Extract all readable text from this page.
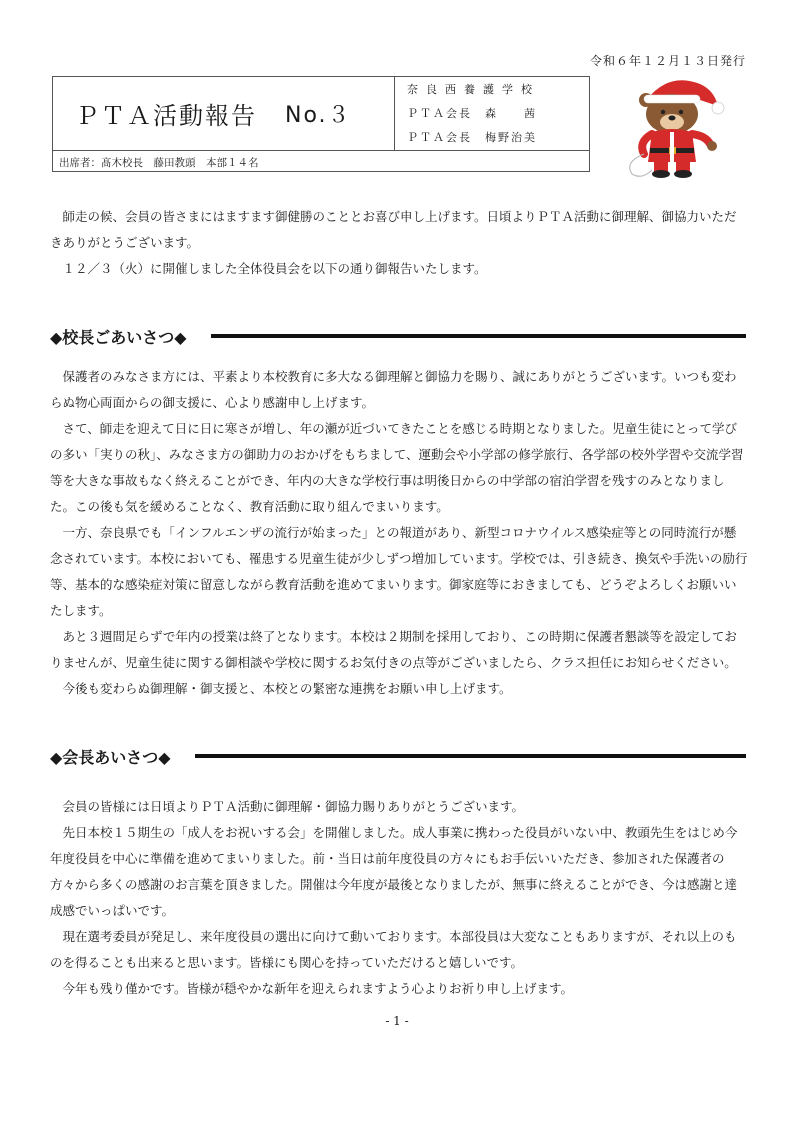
令和６年１２月１３日発行
ＰＴＡ活動報告 No.３
奈良西養護学校
ＰＴＡ会長　森　　茜
ＰＴＡ会長　梅野治美
出席者：髙木校長　藤田教頭　本部１４名

師走の候、会員の皆さまにはますます御健勝のこととお喜び申し上げます。日頃よりＰＴＡ活動に御理解、御協力いただきありがとうございます。

１２／３（火）に開催しました全体役員会を以下の通り御報告いたします。

◆校長ごあいさつ◆

保護者のみなさま方には、平素より本校教育に多大なる御理解と御協力を賜り、誠にありがとうございます。いつも変わらぬ物心両面からの御支援に、心より感謝申し上げます。

さて、師走を迎えて日に日に寒さが増し、年の瀬が近づいてきたことを感じる時期となりました。児童生徒にとって学びの多い「実りの秋」、みなさま方の御助力のおかげをもちまして、運動会や小学部の修学旅行、各学部の校外学習や交流学習等を大きな事故もなく終えることができ、年内の大きな学校行事は明後日からの中学部の宿泊学習を残すのみとなりました。この後も気を緩めることなく、教育活動に取り組んでまいります。

一方、奈良県でも「インフルエンザの流行が始まった」との報道があり、新型コロナウイルス感染症等との同時流行が懸念されています。本校においても、罹患する児童生徒が少しずつ増加しています。学校では、引き続き、換気や手洗いの励行等、基本的な感染症対策に留意しながら教育活動を進めてまいります。御家庭等におきましても、どうぞよろしくお願いいたします。

あと３週間足らずで年内の授業は終了となります。本校は２期制を採用しており、この時期に保護者懇談等を設定しておりませんが、児童生徒に関する御相談や学校に関するお気付きの点等がございましたら、クラス担任にお知らせください。

今後も変わらぬ御理解・御支援と、本校との緊密な連携をお願い申し上げます。

◆会長あいさつ◆

会員の皆様には日頃よりＰＴＡ活動に御理解・御協力賜りありがとうございます。

先日本校１５期生の「成人をお祝いする会」を開催しました。成人事業に携わった役員がいない中、教頭先生をはじめ今年度役員を中心に準備を進めてまいりました。前・当日は前年度役員の方々にもお手伝いいただき、参加された保護者の方々から多くの感謝のお言葉を頂きました。開催は今年度が最後となりましたが、無事に終えることができ、今は感謝と達成感でいっぱいです。

現在選考委員が発足し、来年度役員の選出に向けて動いております。本部役員は大変なこともありますが、それ以上のものを得ることも出来ると思います。皆様にも関心を持っていただけると嬉しいです。

今年も残り僅かです。皆様が穏やかな新年を迎えられますよう心よりお祈り申し上げます。

- 1 -
